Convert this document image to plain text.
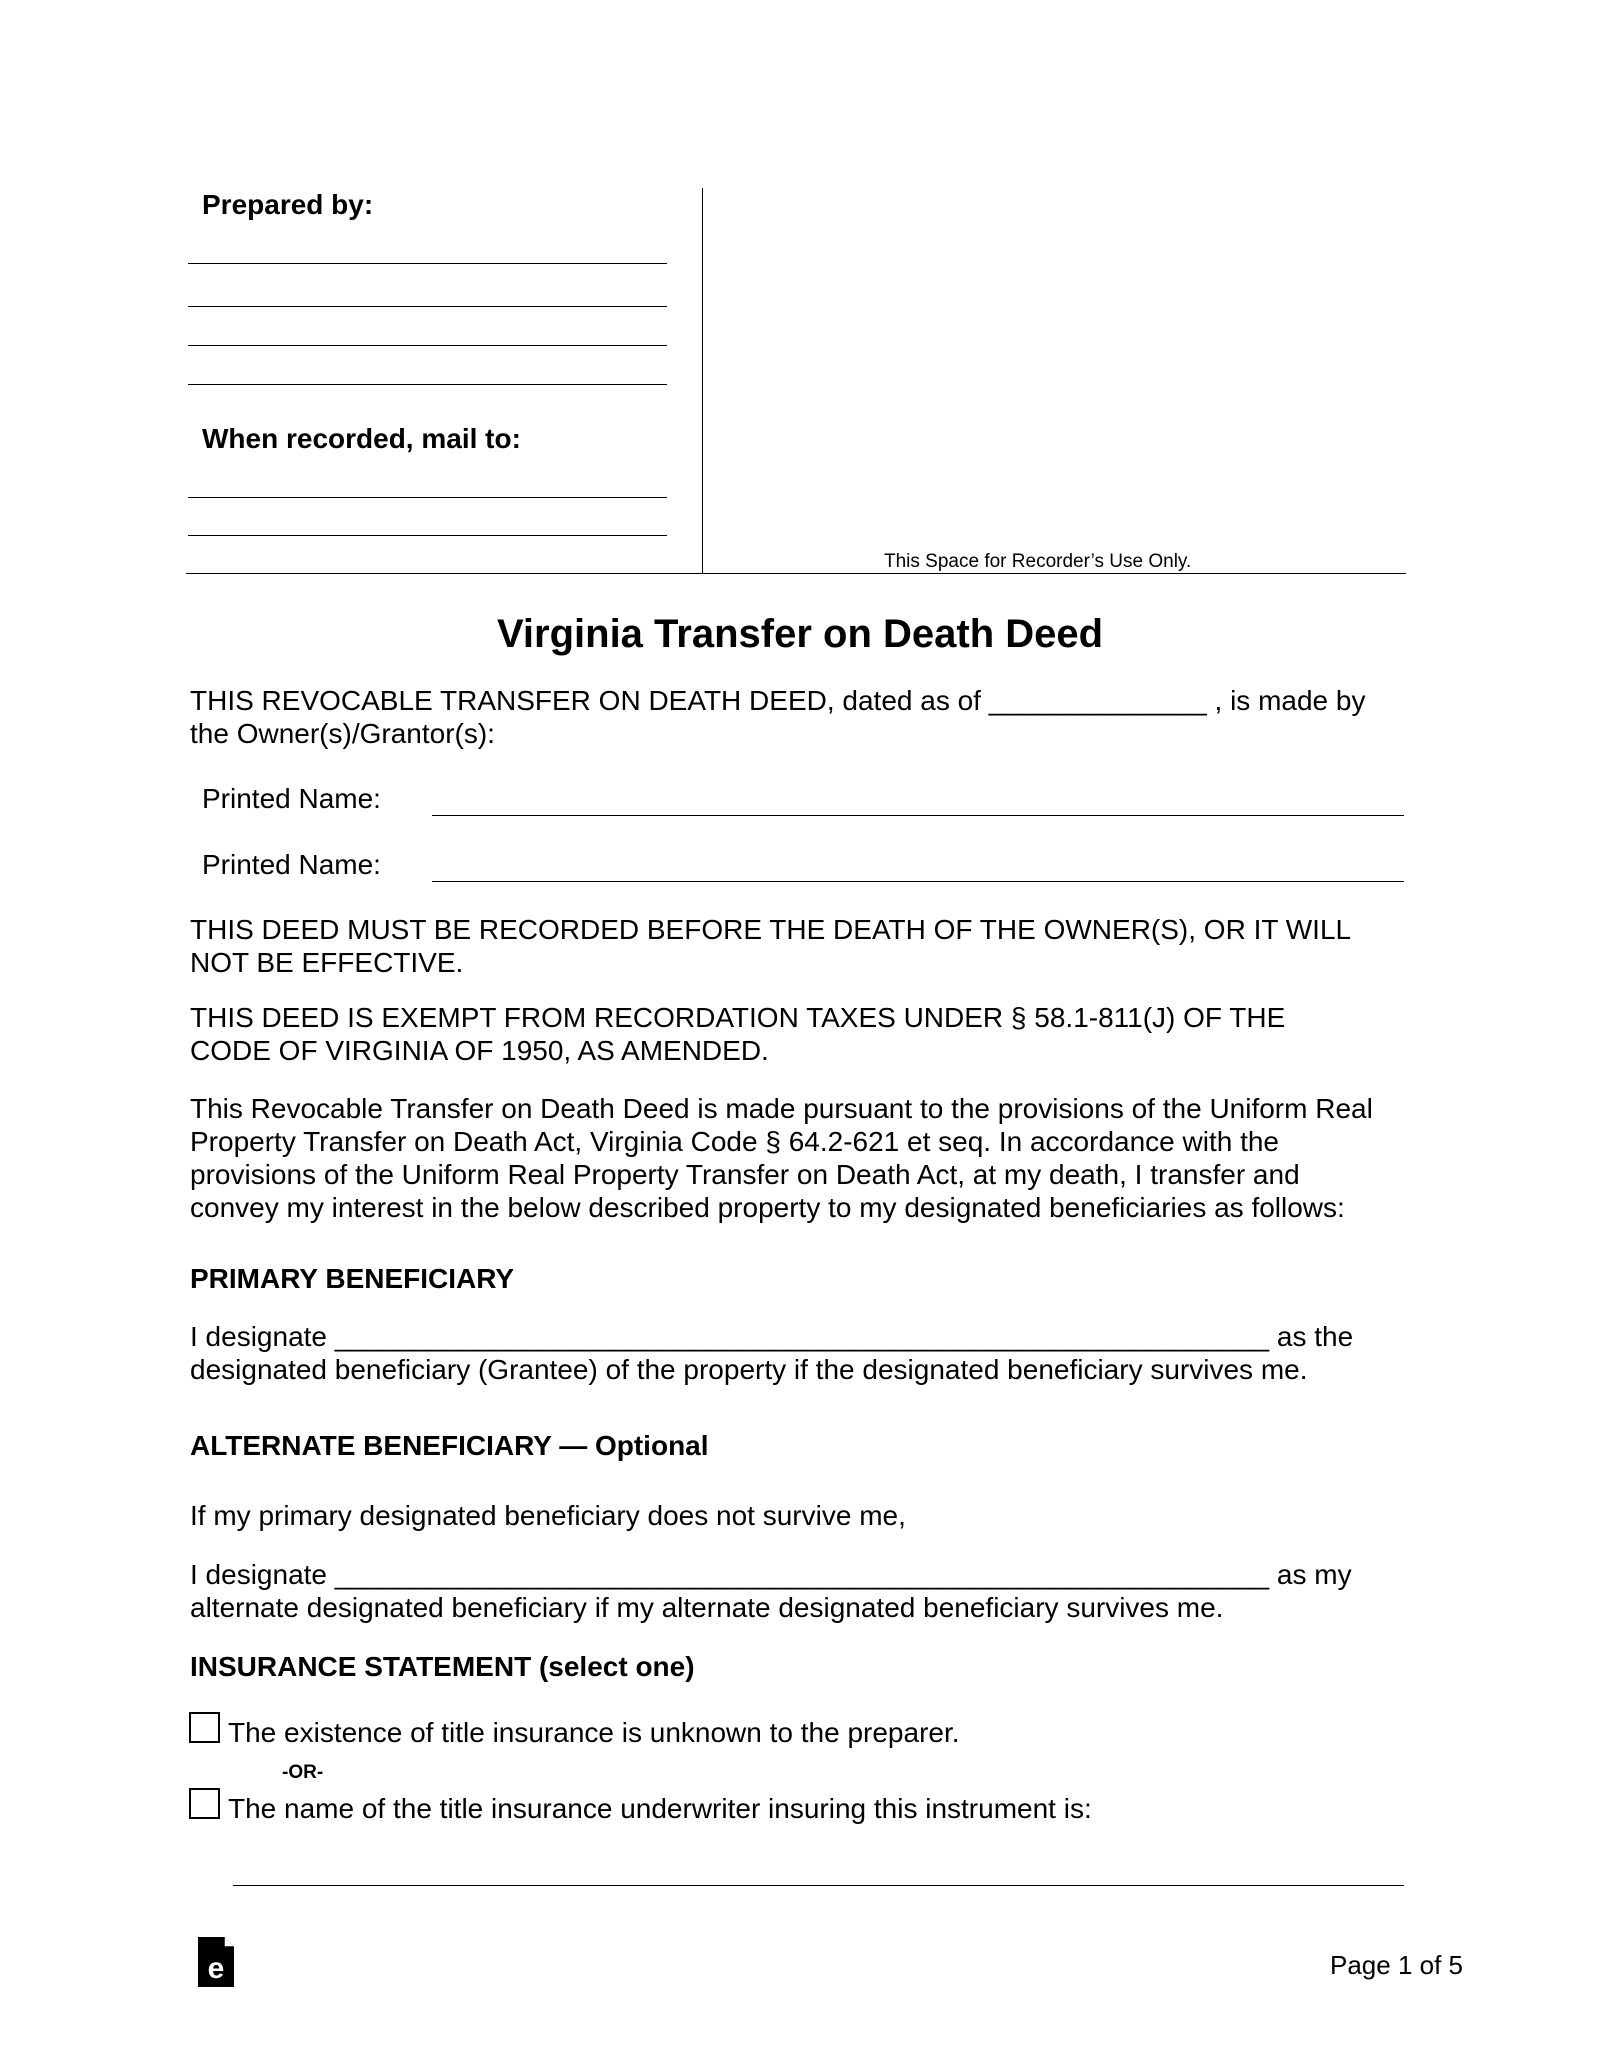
Prepared by:
When recorded, mail to:
This Space for Recorder’s Use Only.
Virginia Transfer on Death Deed
THIS REVOCABLE TRANSFER ON DEATH DEED, dated as of ______________ , is made by
the Owner(s)/Grantor(s):
Printed Name:
Printed Name:
THIS DEED MUST BE RECORDED BEFORE THE DEATH OF THE OWNER(S), OR IT WILL
NOT BE EFFECTIVE.
THIS DEED IS EXEMPT FROM RECORDATION TAXES UNDER § 58.1-811(J) OF THE
CODE OF VIRGINIA OF 1950, AS AMENDED.
This Revocable Transfer on Death Deed is made pursuant to the provisions of the Uniform Real
Property Transfer on Death Act, Virginia Code § 64.2-621 et seq. In accordance with the
provisions of the Uniform Real Property Transfer on Death Act, at my death, I transfer and
convey my interest in the below described property to my designated beneficiaries as follows:
PRIMARY BENEFICIARY
I designate ____________________________________________________________ as the
designated beneficiary (Grantee) of the property if the designated beneficiary survives me.
ALTERNATE BENEFICIARY — Optional
If my primary designated beneficiary does not survive me,
I designate ____________________________________________________________ as my
alternate designated beneficiary if my alternate designated beneficiary survives me.
INSURANCE STATEMENT (select one)
The existence of title insurance is unknown to the preparer.
-OR-
The name of the title insurance underwriter insuring this instrument is:
e	Page 1 of 5
